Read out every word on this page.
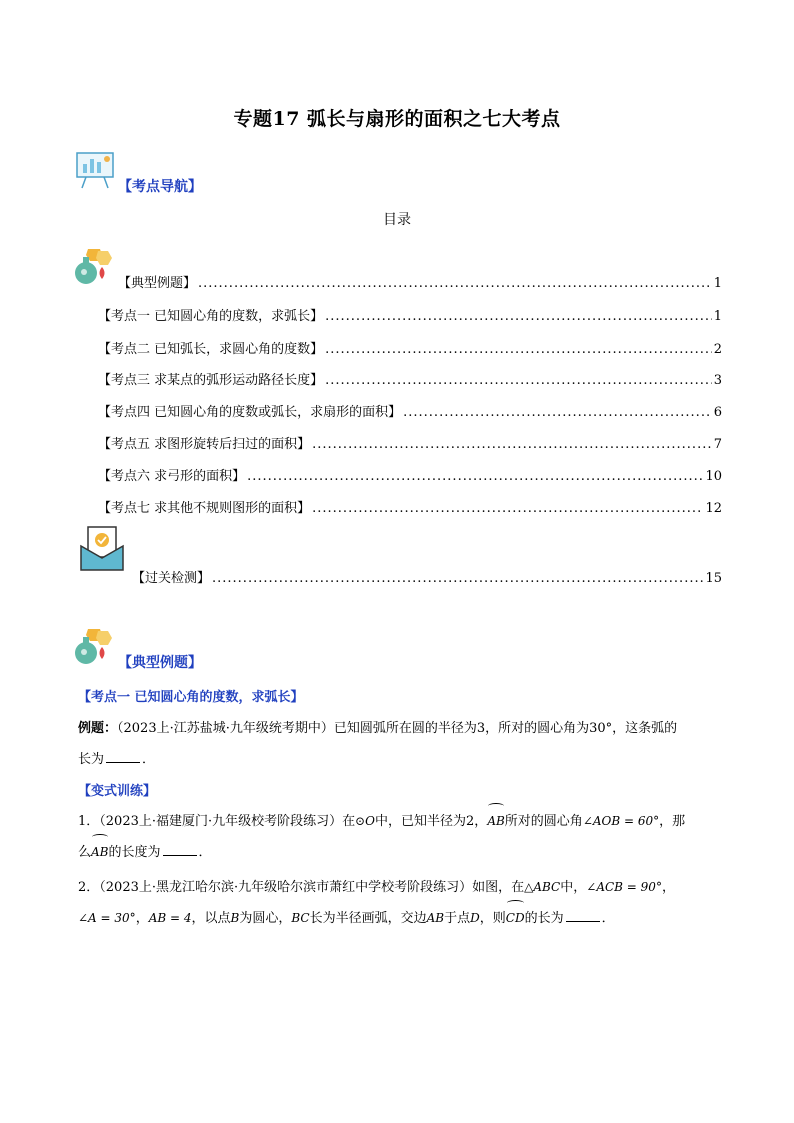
专题17 弧长与扇形的面积之七大考点
【考点导航】
目录
【典型例题】 .....	1
【考点一 已知圆心角的度数，求弧长】 .....	1
【考点二 已知弧长，求圆心角的度数】 .....	2
【考点三 求某点的弧形运动路径长度】 .....	3
【考点四 已知圆心角的度数或弧长，求扇形的面积】 .....	6
【考点五 求图形旋转后扫过的面积】 .....	7
【考点六 求弓形的面积】 .....	10
【考点七 求其他不规则图形的面积】 .....	12
【过关检测】 .....	15
【典型例题】
【考点一 已知圆心角的度数，求弧长】
例题：（2023上·江苏盐城·九年级统考期中）已知圆弧所在圆的半径为3，所对的圆心角为30°，这条弧的
长为	．
【变式训练】
1．（2023上·福建厦门·九年级校考阶段练习）在⊙O中，已知半径为2，AB所对的圆心角∠AOB = 60°，那
么AB的长度为	．
2．（2023上·黑龙江哈尔滨·九年级哈尔滨市萧红中学校考阶段练习）如图，在△ABC中，∠ACB = 90°，
∠A = 30°，AB = 4，以点B为圆心，BC长为半径画弧，交边AB于点D，则CD的长为	．
